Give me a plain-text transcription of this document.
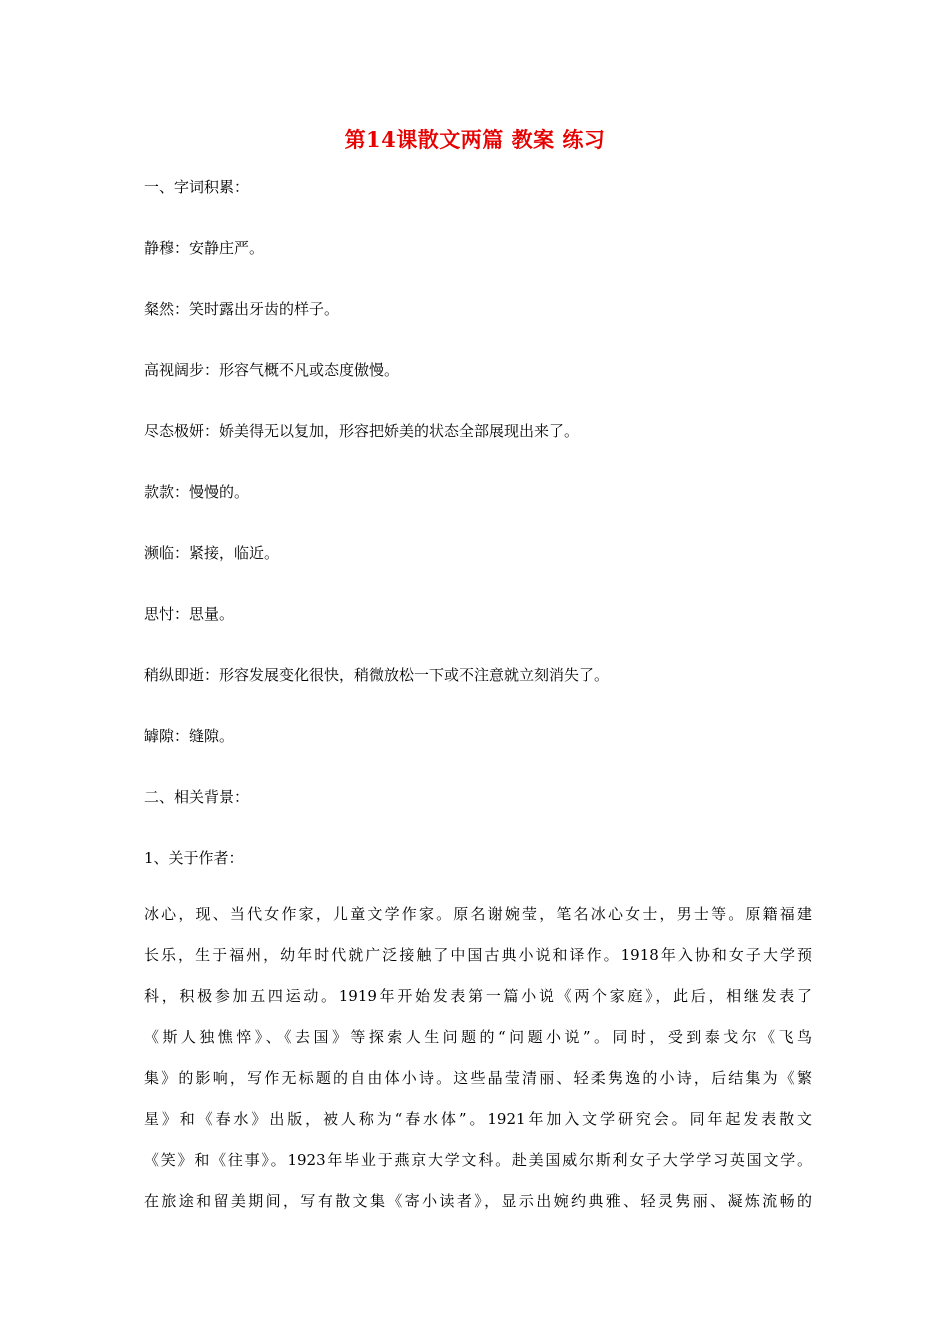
第14课散文两篇 教案 练习
一、字词积累：
静穆：安静庄严。
粲然：笑时露出牙齿的样子。
高视阔步：形容气概不凡或态度傲慢。
尽态极妍：娇美得无以复加，形容把娇美的状态全部展现出来了。
款款：慢慢的。
濒临：紧接，临近。
思忖：思量。
稍纵即逝：形容发展变化很快，稍微放松一下或不注意就立刻消失了。
罅隙：缝隙。
二、相关背景：
1、关于作者：
冰心，现、当代女作家，儿童文学作家。原名谢婉莹，笔名冰心女士，男士等。原籍福建
长乐，生于福州，幼年时代就广泛接触了中国古典小说和译作。1918年入协和女子大学预
科，积极参加五四运动。1919年开始发表第一篇小说《两个家庭》，此后，相继发表了
《斯人独憔悴》、《去国》等探索人生问题的“问题小说”。同时，受到泰戈尔《飞鸟
集》的影响，写作无标题的自由体小诗。这些晶莹清丽、轻柔隽逸的小诗，后结集为《繁
星》和《春水》出版，被人称为“春水体”。1921年加入文学研究会。同年起发表散文
《笑》和《往事》。1923年毕业于燕京大学文科。赴美国威尔斯利女子大学学习英国文学。
在旅途和留美期间，写有散文集《寄小读者》，显示出婉约典雅、轻灵隽丽、凝炼流畅的
